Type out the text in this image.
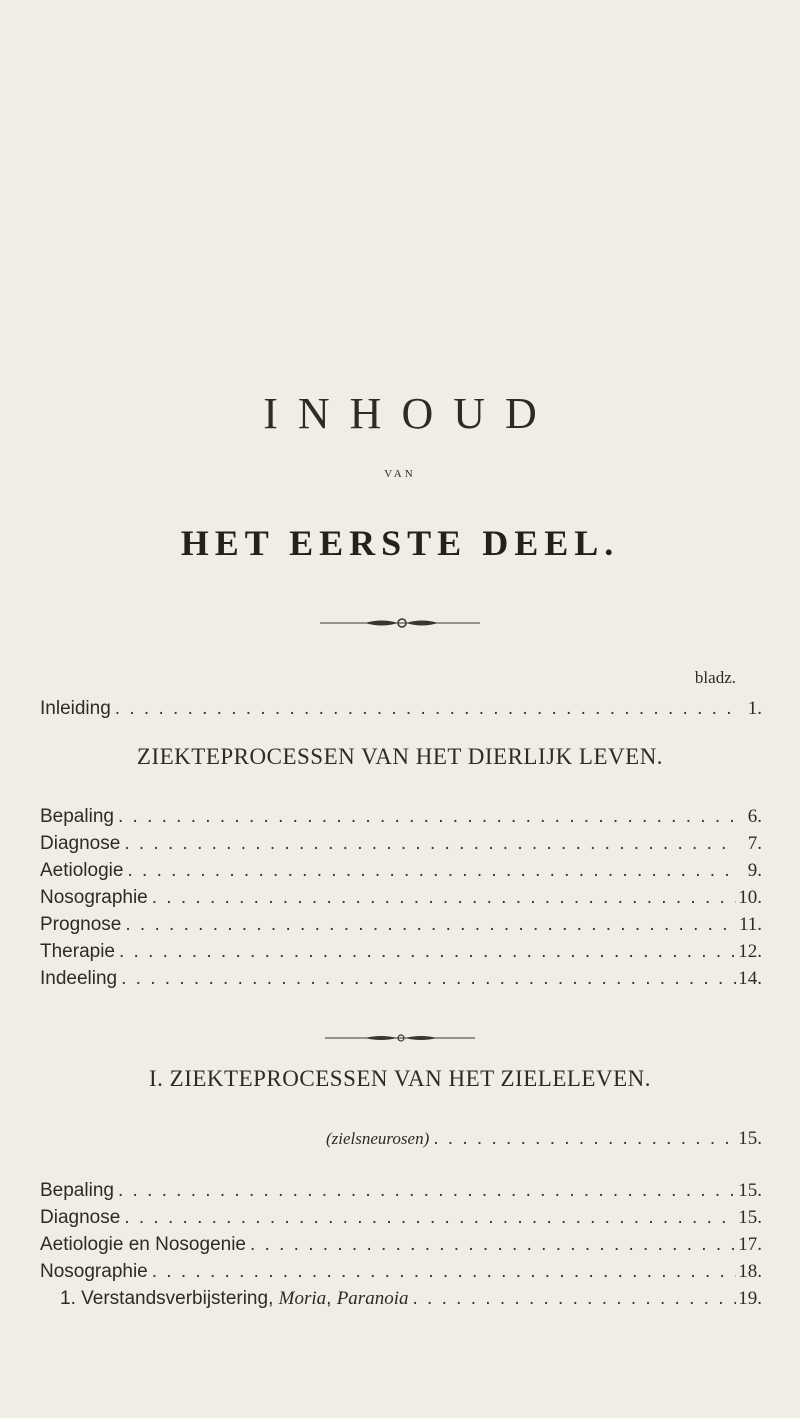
INHOUD
VAN
HET EERSTE DEEL.
bladz.
Inleiding . . .	1.
ZIEKTEPROCESSEN VAN HET DIERLIJK LEVEN.
Bepaling . . .	6.
Diagnose . . .	7.
Aetiologie . . .	9.
Nosographie . . .	10.
Prognose . . .	11.
Therapie . . .	12.
Indeeling . . .	14.
I. ZIEKTEPROCESSEN VAN HET ZIELELEVEN.
(zielsneurosen) . . .	15.
Bepaling . . .	15.
Diagnose . . .	15.
Aetiologie en Nosogenie . . .	17.
Nosographie . . .	18.
1. Verstandsverbijstering, Moria, Paranoia . . .	19.
